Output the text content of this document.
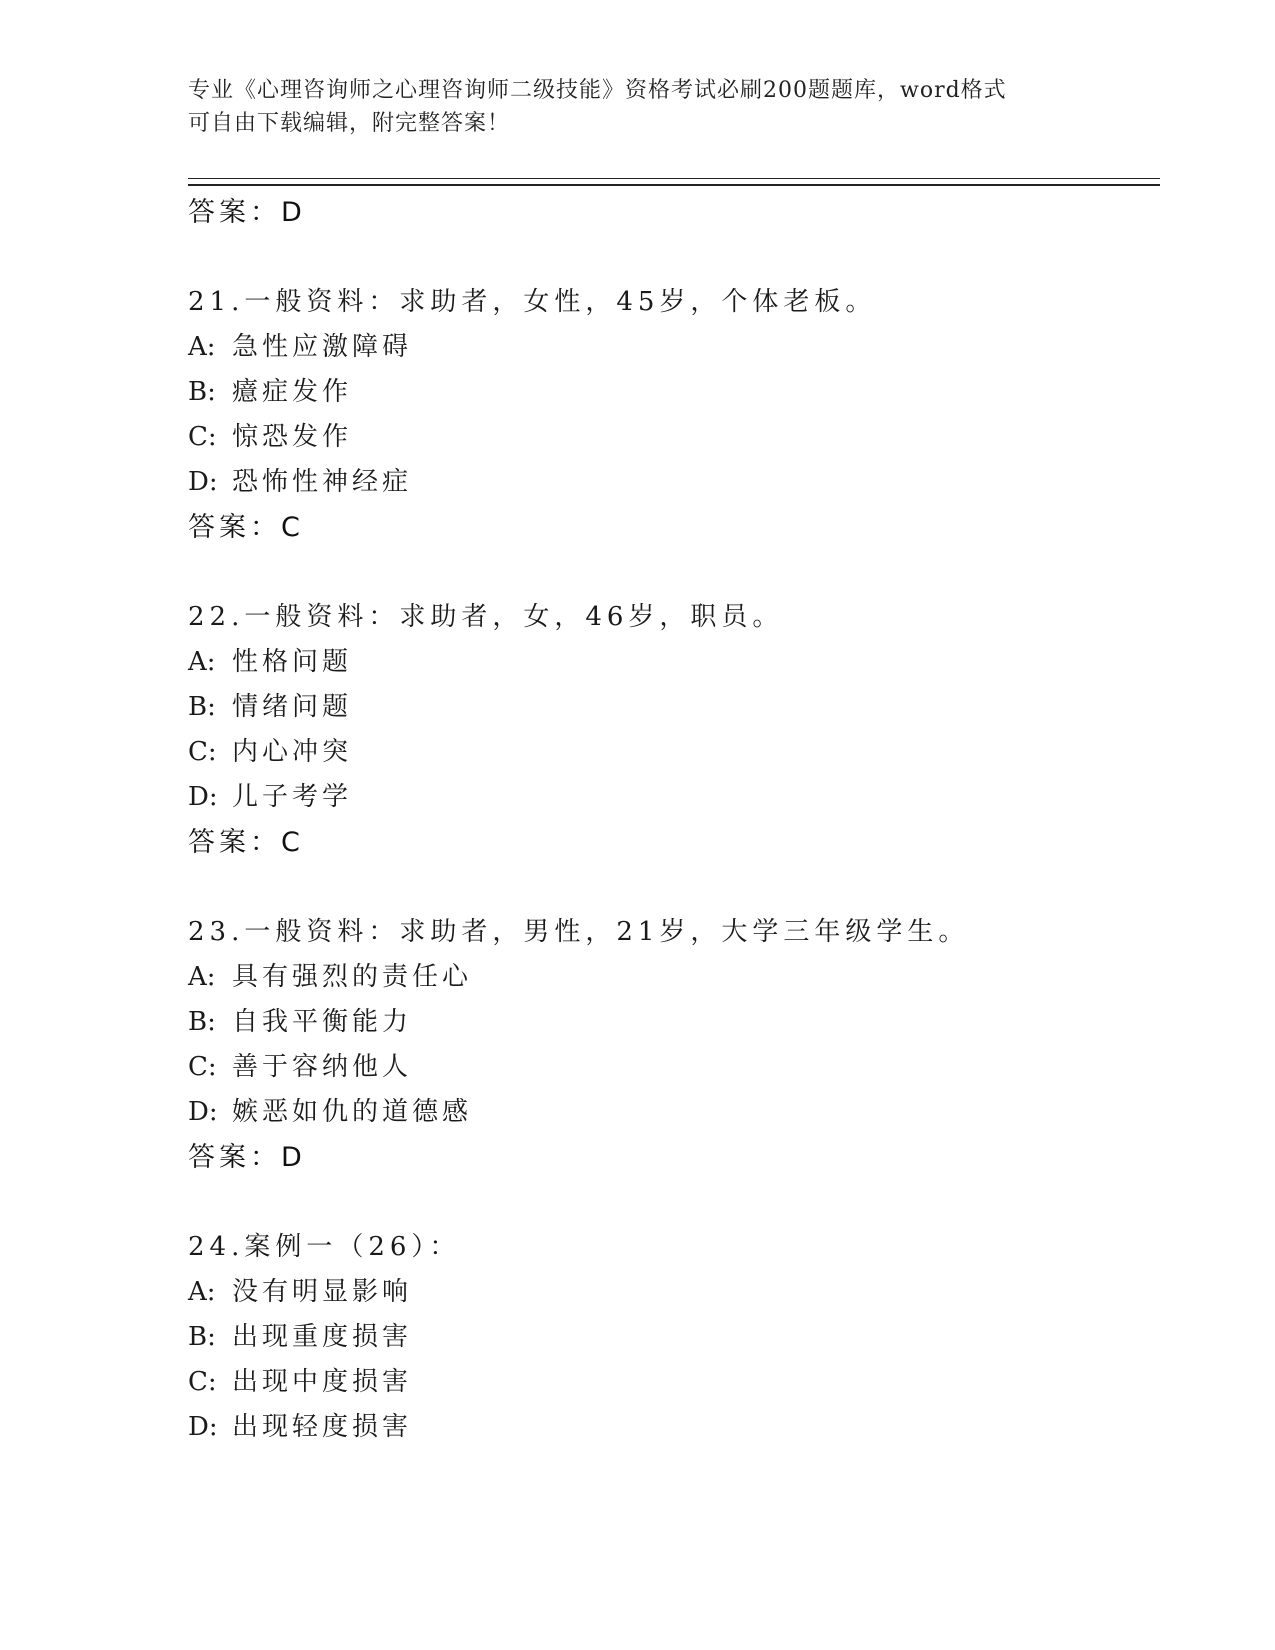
专业《心理咨询师之心理咨询师二级技能》资格考试必刷200题题库，word格式
可自由下载编辑，附完整答案！
答案：D
21.一般资料：求助者，女性，45岁，个体老板。
A: 急性应激障碍
B: 癔症发作
C: 惊恐发作
D: 恐怖性神经症
答案：C
22.一般资料：求助者，女，46岁，职员。
A: 性格问题
B: 情绪问题
C: 内心冲突
D: 儿子考学
答案：C
23.一般资料：求助者，男性，21岁，大学三年级学生。
A: 具有强烈的责任心
B: 自我平衡能力
C: 善于容纳他人
D: 嫉恶如仇的道德感
答案：D
24.案例一（26）：
A: 没有明显影响
B: 出现重度损害
C: 出现中度损害
D: 出现轻度损害
